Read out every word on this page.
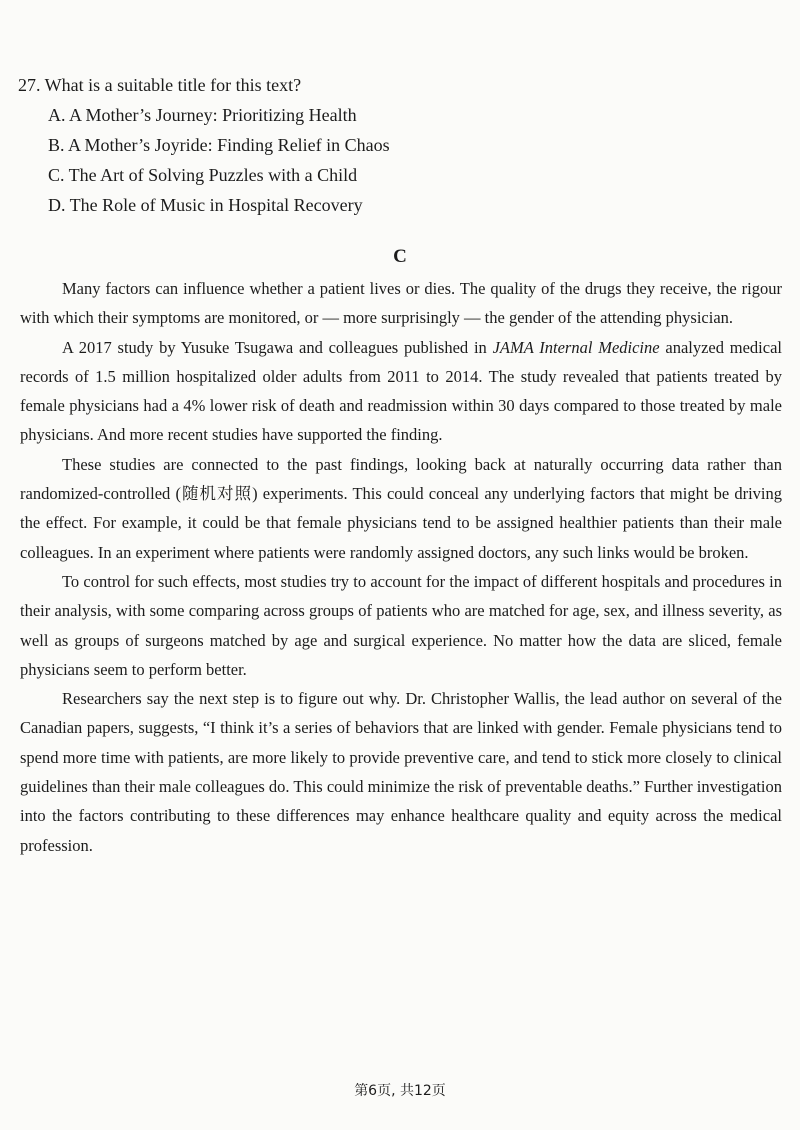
27. What is a suitable title for this text?
A. A Mother’s Journey: Prioritizing Health
B. A Mother’s Joyride: Finding Relief in Chaos
C. The Art of Solving Puzzles with a Child
D. The Role of Music in Hospital Recovery
C

Many factors can influence whether a patient lives or dies. The quality of the drugs they receive, the rigour with which their symptoms are monitored, or — more surprisingly — the gender of the attending physician.

A 2017 study by Yusuke Tsugawa and colleagues published in JAMA Internal Medicine analyzed medical records of 1.5 million hospitalized older adults from 2011 to 2014. The study revealed that patients treated by female physicians had a 4% lower risk of death and readmission within 30 days compared to those treated by male physicians. And more recent studies have supported the finding.

These studies are connected to the past findings, looking back at naturally occurring data rather than randomized-controlled (随机对照) experiments. This could conceal any underlying factors that might be driving the effect. For example, it could be that female physicians tend to be assigned healthier patients than their male colleagues. In an experiment where patients were randomly assigned doctors, any such links would be broken.

To control for such effects, most studies try to account for the impact of different hospitals and procedures in their analysis, with some comparing across groups of patients who are matched for age, sex, and illness severity, as well as groups of surgeons matched by age and surgical experience. No matter how the data are sliced, female physicians seem to perform better.

Researchers say the next step is to figure out why. Dr. Christopher Wallis, the lead author on several of the Canadian papers, suggests, “I think it’s a series of behaviors that are linked with gender. Female physicians tend to spend more time with patients, are more likely to provide preventive care, and tend to stick more closely to clinical guidelines than their male colleagues do. This could minimize the risk of preventable deaths.” Further investigation into the factors contributing to these differences may enhance healthcare quality and equity across the medical profession.

第6页, 共12页
